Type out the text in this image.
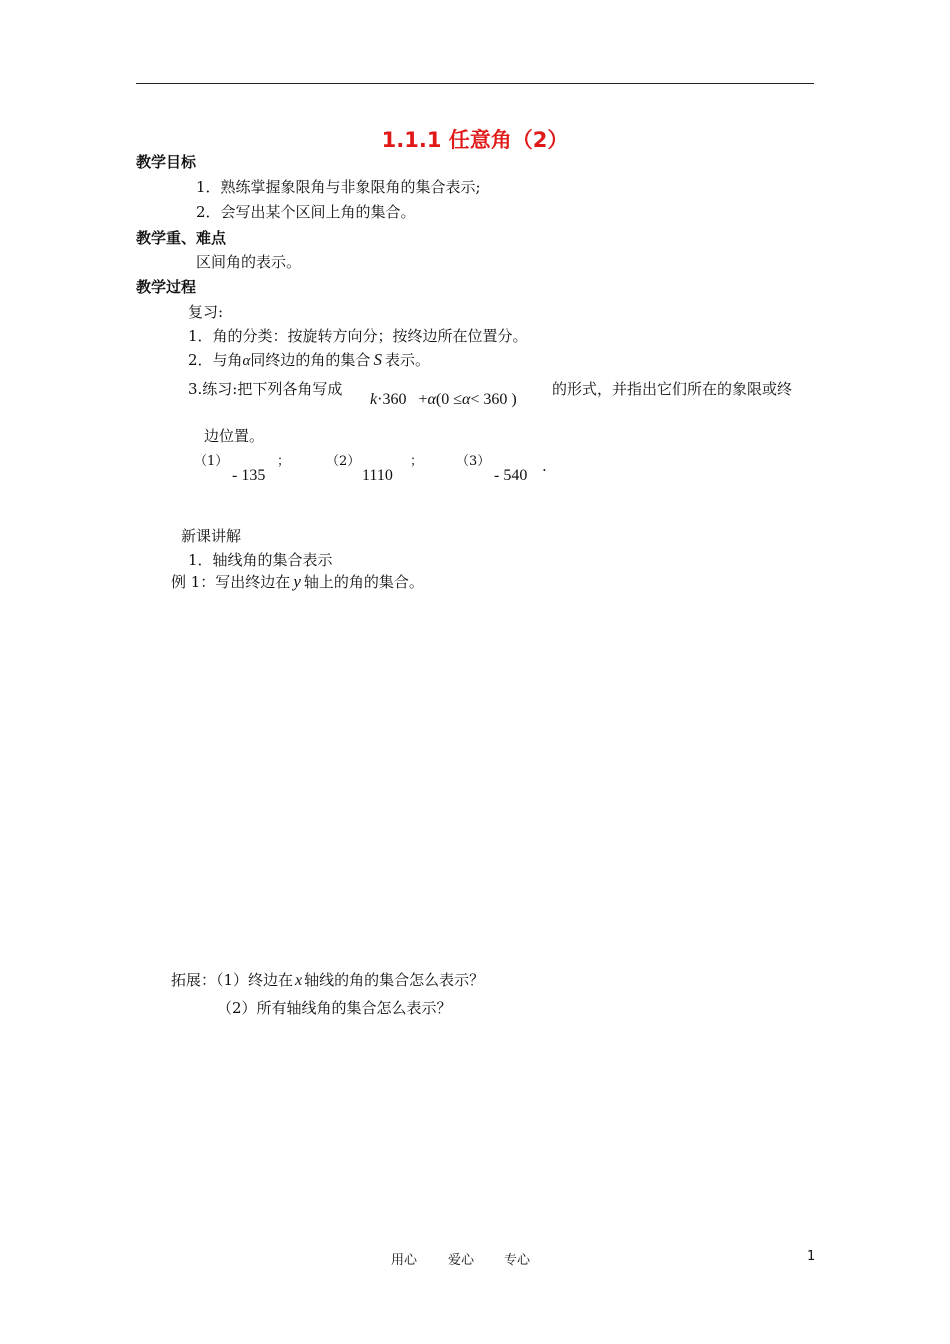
1.1.1 任意角（2）
教学目标
1．熟练掌握象限角与非象限角的集合表示;
2．会写出某个区间上角的集合。
教学重、难点
区间角的表示。
教学过程
复习:
1．角的分类：按旋转方向分；按终边所在位置分。
2．与角α同终边的角的集合 S 表示。
3.练习:把下列各角写成
k·360 +α(0 ≤α< 360 )
的形式，并指出它们所在的象限或终
边位置。
（1）
- 135
；	（2）
1110
；	（3）
- 540
.
新课讲解
1．轴线角的集合表示
例 1：写出终边在 y 轴上的角的集合。
拓展：（1）终边在 x 轴线的角的集合怎么表示？
（2）所有轴线角的集合怎么表示？
用心 爱心 专心	1
